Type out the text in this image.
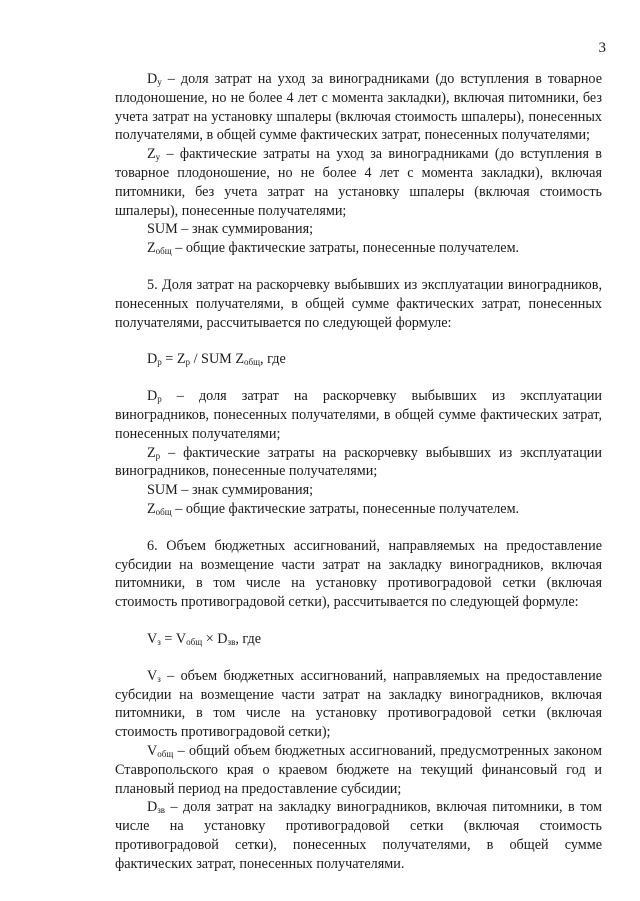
3

$D_у$ – доля затрат на уход за виноградниками (до вступления в товарное плодоношение, но не более 4 лет с момента закладки), включая питомники, без учета затрат на установку шпалеры (включая стоимость шпалеры), понесенных получателями, в общей сумме фактических затрат, понесенных получателями;

$Z_у$ – фактические затраты на уход за виноградниками (до вступления в товарное плодоношение, но не более 4 лет с момента закладки), включая питомники, без учета затрат на установку шпалеры (включая стоимость шпалеры), понесенные получателями;

SUM – знак суммирования;

$Z_{общ}$ – общие фактические затраты, понесенные получателем.

5. Доля затрат на раскорчевку выбывших из эксплуатации виноградников, понесенных получателями, в общей сумме фактических затрат, понесенных получателями, рассчитывается по следующей формуле:

$D_р = Z_р$ / SUM $Z_{общ}$, где

$D_р$ – доля затрат на раскорчевку выбывших из эксплуатации виноградников, понесенных получателями, в общей сумме фактических затрат, понесенных получателями;

$Z_р$ – фактические затраты на раскорчевку выбывших из эксплуатации виноградников, понесенные получателями;

SUM – знак суммирования;

$Z_{общ}$ – общие фактические затраты, понесенные получателем.

6. Объем бюджетных ассигнований, направляемых на предоставление субсидии на возмещение части затрат на закладку виноградников, включая питомники, в том числе на установку противоградовой сетки (включая стоимость противоградовой сетки), рассчитывается по следующей формуле:

$V_з = V_{общ} \times D_{зв}$, где

$V_з$ – объем бюджетных ассигнований, направляемых на предоставление субсидии на возмещение части затрат на закладку виноградников, включая питомники, в том числе на установку противоградовой сетки (включая стоимость противоградовой сетки);

$V_{общ}$ – общий объем бюджетных ассигнований, предусмотренных законом Ставропольского края о краевом бюджете на текущий финансовый год и плановый период на предоставление субсидии;

$D_{зв}$ – доля затрат на закладку виноградников, включая питомники, в том числе на установку противоградовой сетки (включая стоимость противоградовой сетки), понесенных получателями, в общей сумме фактических затрат, понесенных получателями.
